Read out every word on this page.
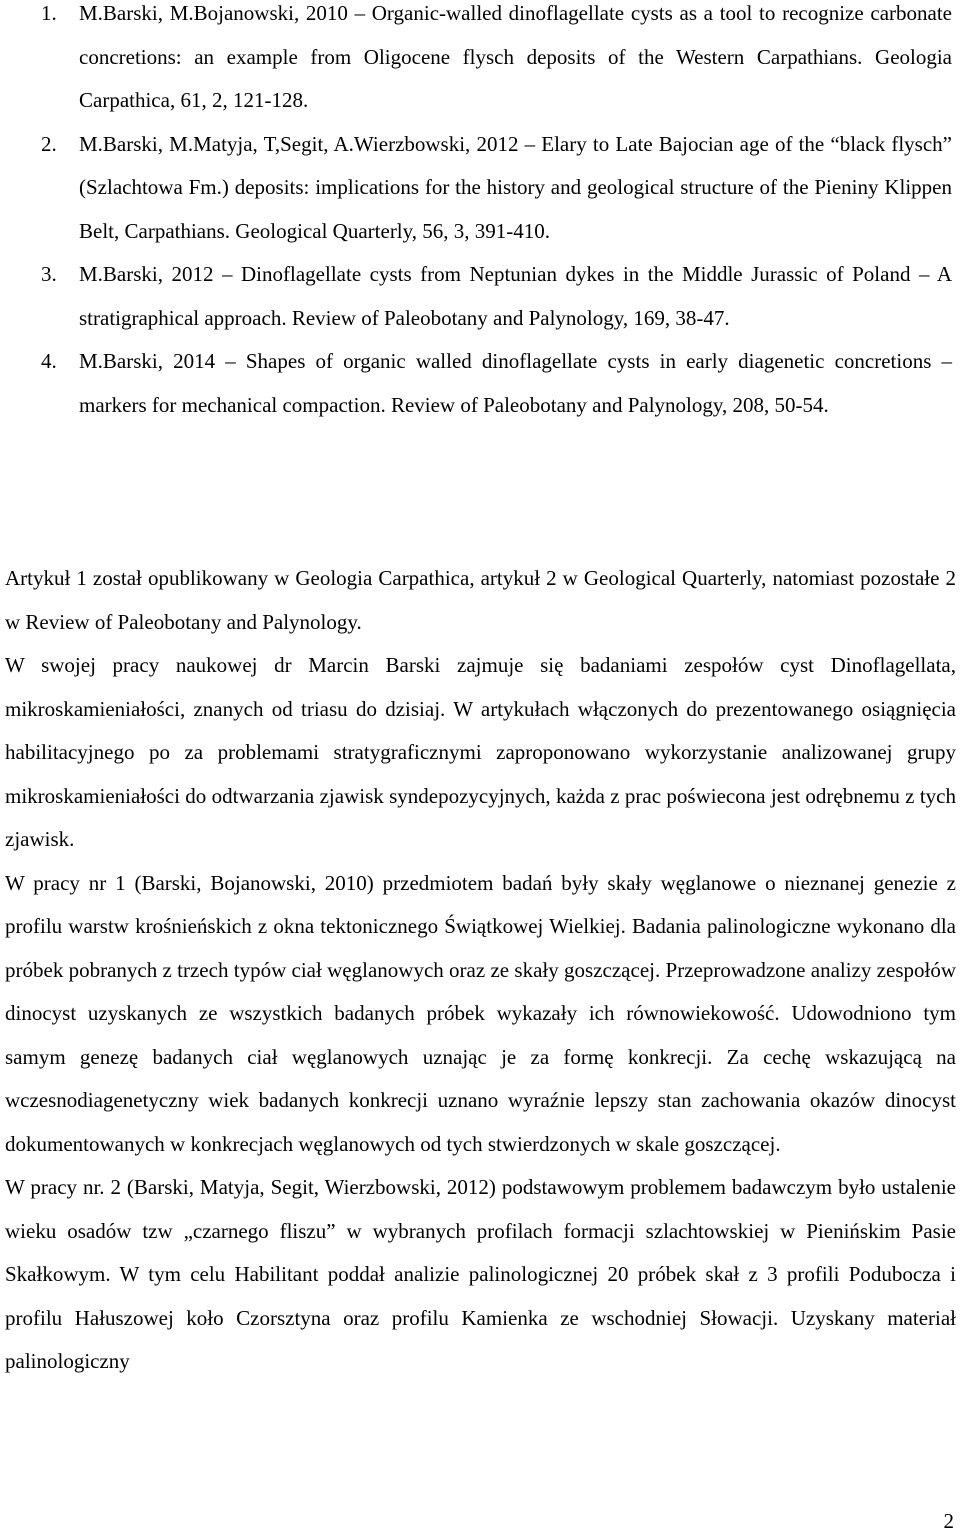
1. M.Barski, M.Bojanowski, 2010 – Organic-walled dinoflagellate cysts as a tool to recognize carbonate concretions: an example from Oligocene flysch deposits of the Western Carpathians. Geologia Carpathica, 61, 2, 121-128.
2. M.Barski, M.Matyja, T,Segit, A.Wierzbowski, 2012 – Elary to Late Bajocian age of the “black flysch” (Szlachtowa Fm.) deposits: implications for the history and geological structure of the Pieniny Klippen Belt, Carpathians. Geological Quarterly, 56, 3, 391-410.
3. M.Barski, 2012 – Dinoflagellate cysts from Neptunian dykes in the Middle Jurassic of Poland – A stratigraphical approach. Review of Paleobotany and Palynology, 169, 38-47.
4. M.Barski, 2014 – Shapes of organic walled dinoflagellate cysts in early diagenetic concretions – markers for mechanical compaction. Review of Paleobotany and Palynology, 208, 50-54.

Artykuł 1 został opublikowany w Geologia Carpathica, artykuł 2 w Geological Quarterly, natomiast pozostałe 2 w Review of Paleobotany and Palynology.

W swojej pracy naukowej dr Marcin Barski zajmuje się badaniami zespołów cyst Dinoflagellata, mikroskamieniałości, znanych od triasu do dzisiaj. W artykułach włączonych do prezentowanego osiągnięcia habilitacyjnego po za problemami stratygraficznymi zaproponowano wykorzystanie analizowanej grupy mikroskamieniałości do odtwarzania zjawisk syndepozycyjnych, każda z prac poświecona jest odrębnemu z tych zjawisk.

W pracy nr 1 (Barski, Bojanowski, 2010) przedmiotem badań były skały węglanowe o nieznanej genezie z profilu warstw krośnieńskich z okna tektonicznego Świątkowej Wielkiej. Badania palinologiczne wykonano dla próbek pobranych z trzech typów ciał węglanowych oraz ze skały goszczącej. Przeprowadzone analizy zespołów dinocyst uzyskanych ze wszystkich badanych próbek wykazały ich równowiekowość. Udowodniono tym samym genezę badanych ciał węglanowych uznając je za formę konkrecji. Za cechę wskazującą na wczesnodiagenetyczny wiek badanych konkrecji uznano wyraźnie lepszy stan zachowania okazów dinocyst dokumentowanych w konkrecjach węglanowych od tych stwierdzonych w skale goszczącej.

W pracy nr. 2 (Barski, Matyja, Segit, Wierzbowski, 2012) podstawowym problemem badawczym było ustalenie wieku osadów tzw „czarnego fliszu” w wybranych profilach formacji szlachtowskiej w Pienińskim Pasie Skałkowym. W tym celu Habilitant poddał analizie palinologicznej 20 próbek skał z 3 profili Podubocza i profilu Hałuszowej koło Czorsztyna oraz profilu Kamienka ze wschodniej Słowacji. Uzyskany materiał palinologiczny

2
